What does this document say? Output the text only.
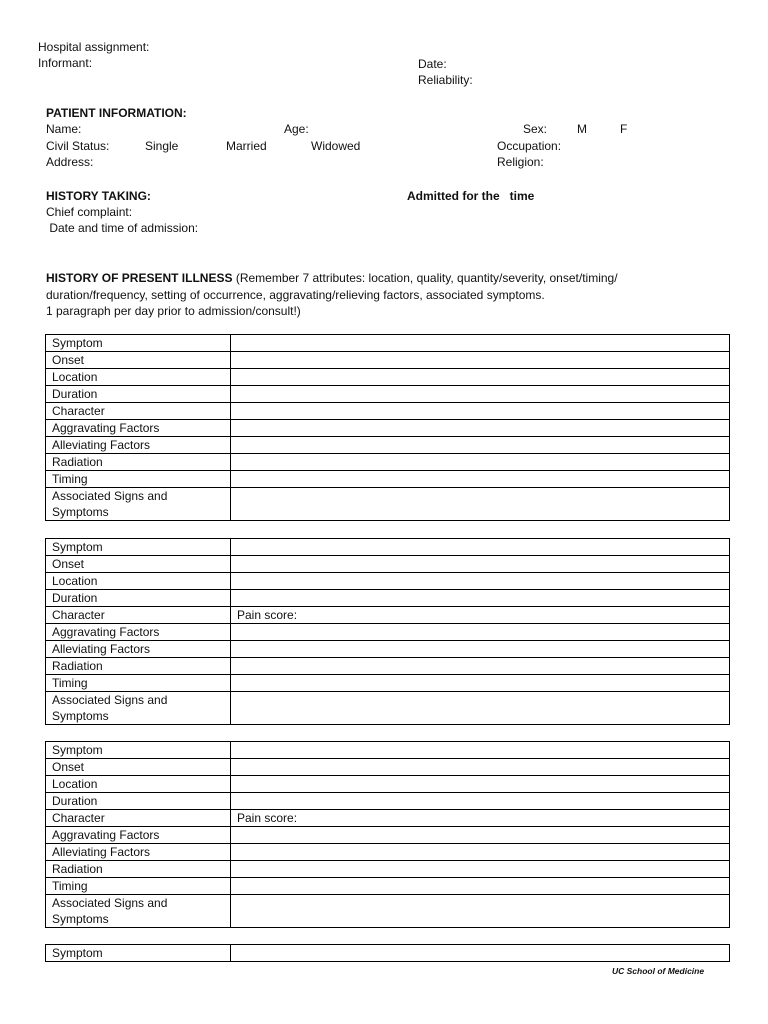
Hospital assignment:
Informant:	Date:
Reliability:
PATIENT INFORMATION:
Name:	Age:	Sex: M	F
Civil Status:	Single	Married	Widowed	Occupation:
Address:	Religion:
HISTORY TAKING:	Admitted for the   time
Chief complaint:
Date and time of admission:
HISTORY OF PRESENT ILLNESS (Remember 7 attributes: location, quality, quantity/severity, onset/timing/
duration/frequency, setting of occurrence, aggravating/relieving factors, associated symptoms.
1 paragraph per day prior to admission/consult!)
Symptom	
Onset	
Location	
Duration	
Character	
Aggravating Factors	
Alleviating Factors	
Radiation	
Timing	
Associated Signs and Symptoms	
Symptom	
Onset	
Location	
Duration	
Character	Pain score:
Aggravating Factors	
Alleviating Factors	
Radiation	
Timing	
Associated Signs and Symptoms	
Symptom	
Onset	
Location	
Duration	
Character	Pain score:
Aggravating Factors	
Alleviating Factors	
Radiation	
Timing	
Associated Signs and Symptoms	
Symptom	
UC School of Medicine
